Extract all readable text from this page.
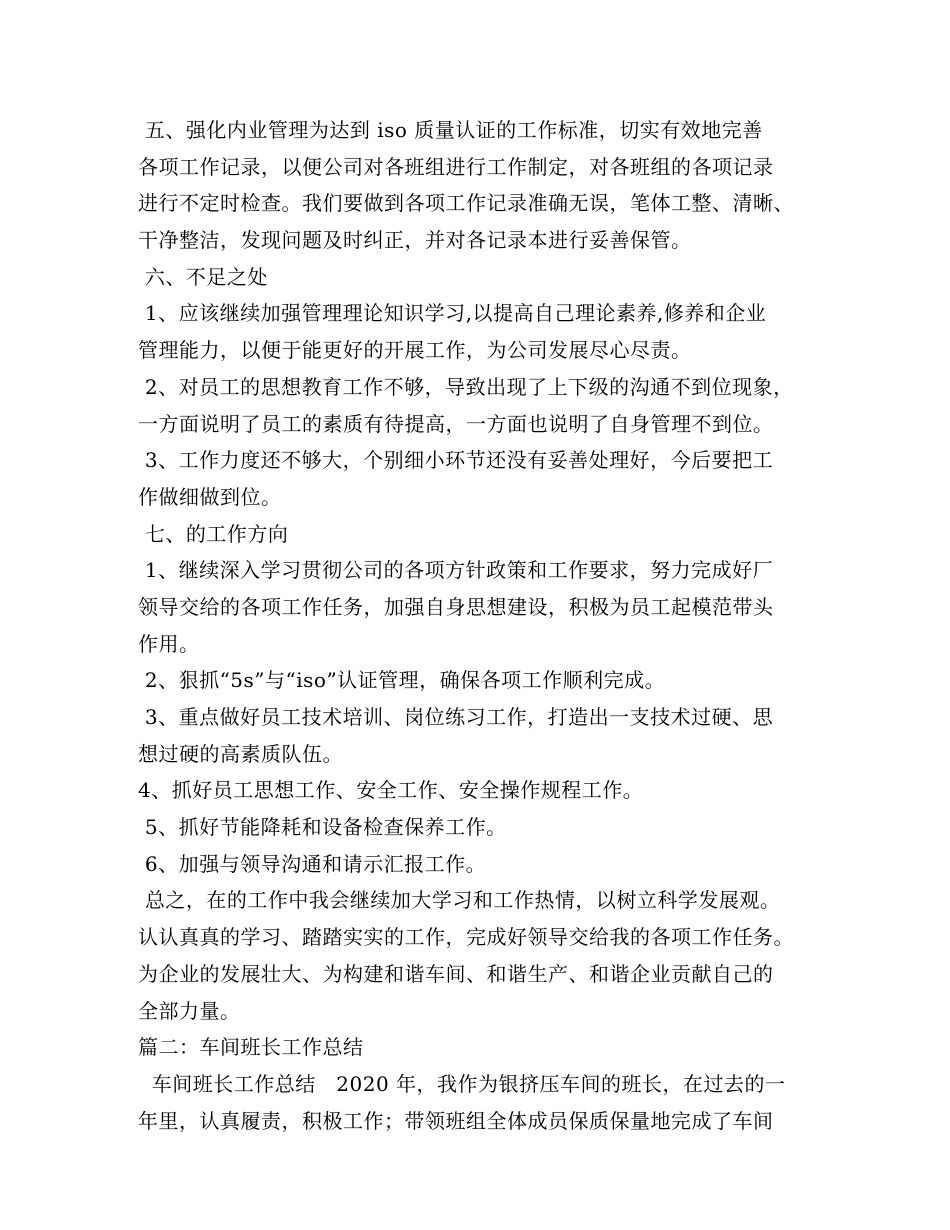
五、强化内业管理为达到 iso 质量认证的工作标准，切实有效地完善
各项工作记录，以便公司对各班组进行工作制定，对各班组的各项记录
进行不定时检查。我们要做到各项工作记录准确无误，笔体工整、清晰、
干净整洁，发现问题及时纠正，并对各记录本进行妥善保管。
六、不足之处
1、应该继续加强管理理论知识学习,以提高自己理论素养,修养和企业
管理能力，以便于能更好的开展工作，为公司发展尽心尽责。
2、对员工的思想教育工作不够，导致出现了上下级的沟通不到位现象，
一方面说明了员工的素质有待提高，一方面也说明了自身管理不到位。
3、工作力度还不够大，个别细小环节还没有妥善处理好，今后要把工
作做细做到位。
七、的工作方向
1、继续深入学习贯彻公司的各项方针政策和工作要求，努力完成好厂
领导交给的各项工作任务，加强自身思想建设，积极为员工起模范带头
作用。
2、狠抓“5s”与“iso”认证管理，确保各项工作顺利完成。
3、重点做好员工技术培训、岗位练习工作，打造出一支技术过硬、思
想过硬的高素质队伍。
4、抓好员工思想工作、安全工作、安全操作规程工作。
5、抓好节能降耗和设备检查保养工作。
6、加强与领导沟通和请示汇报工作。
总之，在的工作中我会继续加大学习和工作热情，以树立科学发展观。
认认真真的学习、踏踏实实的工作，完成好领导交给我的各项工作任务。
为企业的发展壮大、为构建和谐车间、和谐生产、和谐企业贡献自己的
全部力量。
篇二：车间班长工作总结
车间班长工作总结   2020 年，我作为银挤压车间的班长，在过去的一
年里，认真履责，积极工作；带领班组全体成员保质保量地完成了车间
